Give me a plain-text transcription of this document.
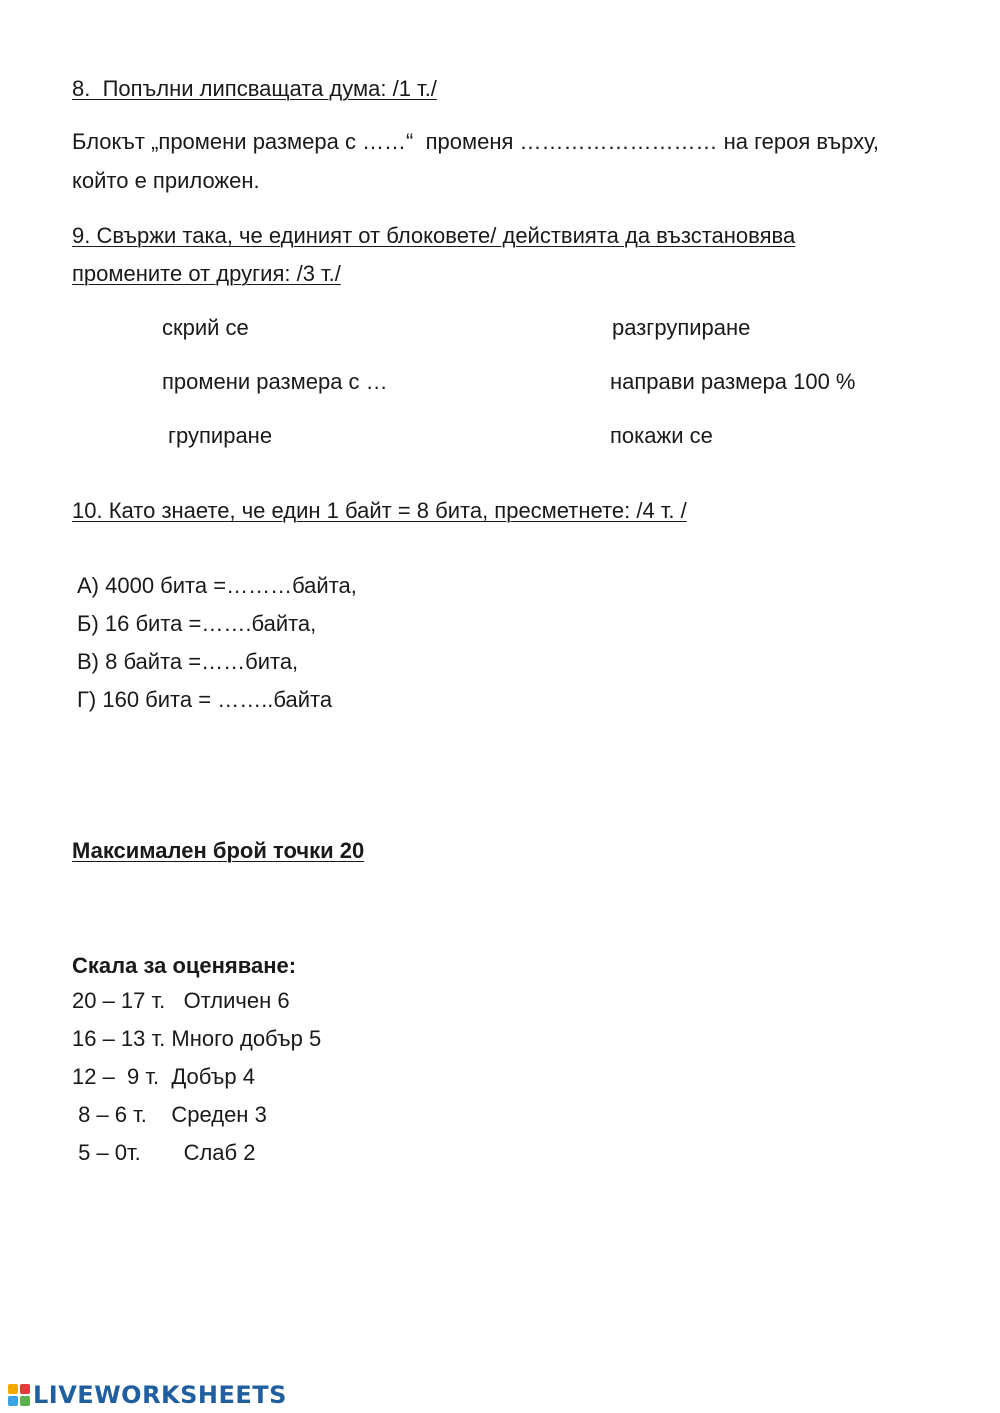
8.  Попълни липсващата дума: /1 т./

Блокът „промени размера с ……“  променя ……………………… на героя върху,

който е приложен.

9. Свържи така, че единият от блоковете/ действията да възстановява

промените от другия: /3 т./

скрий се

промени размера с …

групиране

разгрупиране

направи размера 100 %

покажи се

10. Като знаете, че един 1 байт = 8 бита, пресметнете: /4 т. /

А) 4000 бита =………байта,

Б) 16 бита =…….байта,

В) 8 байта =……бита,

Г) 160 бита = ……..байта

Максимален брой точки 20

Скала за оценяване:

20 – 17 т.   Отличен 6

16 – 13 т. Много добър 5

12 –  9 т.  Добър 4

8 – 6 т.    Среден 3

5 – 0т.       Слаб 2

LIVEWORKSHEETS
